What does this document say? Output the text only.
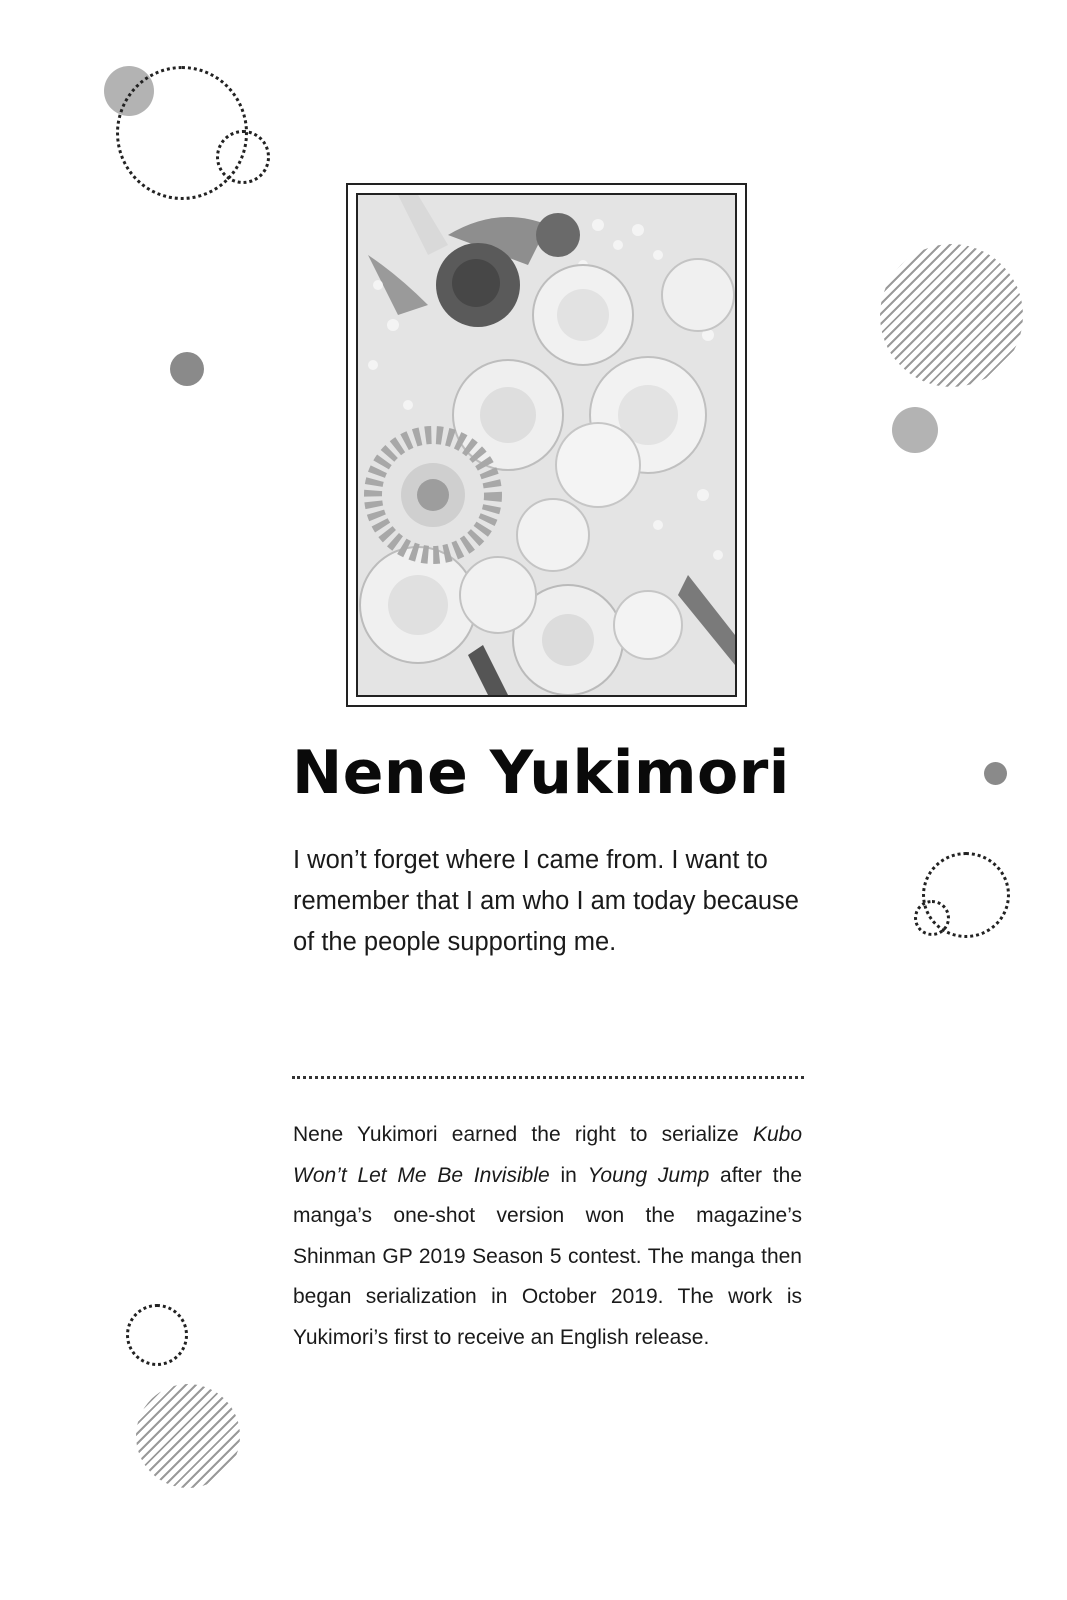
Nene Yukimori

I won’t forget where I came from. I want to remember that I am who I am today because of the people supporting me.

Nene Yukimori earned the right to serialize Kubo Won’t Let Me Be Invisible in Young Jump after the manga’s one-shot version won the magazine’s Shinman GP 2019 Season 5 contest. The manga then began serialization in October 2019. The work is Yukimori’s first to receive an English release.
